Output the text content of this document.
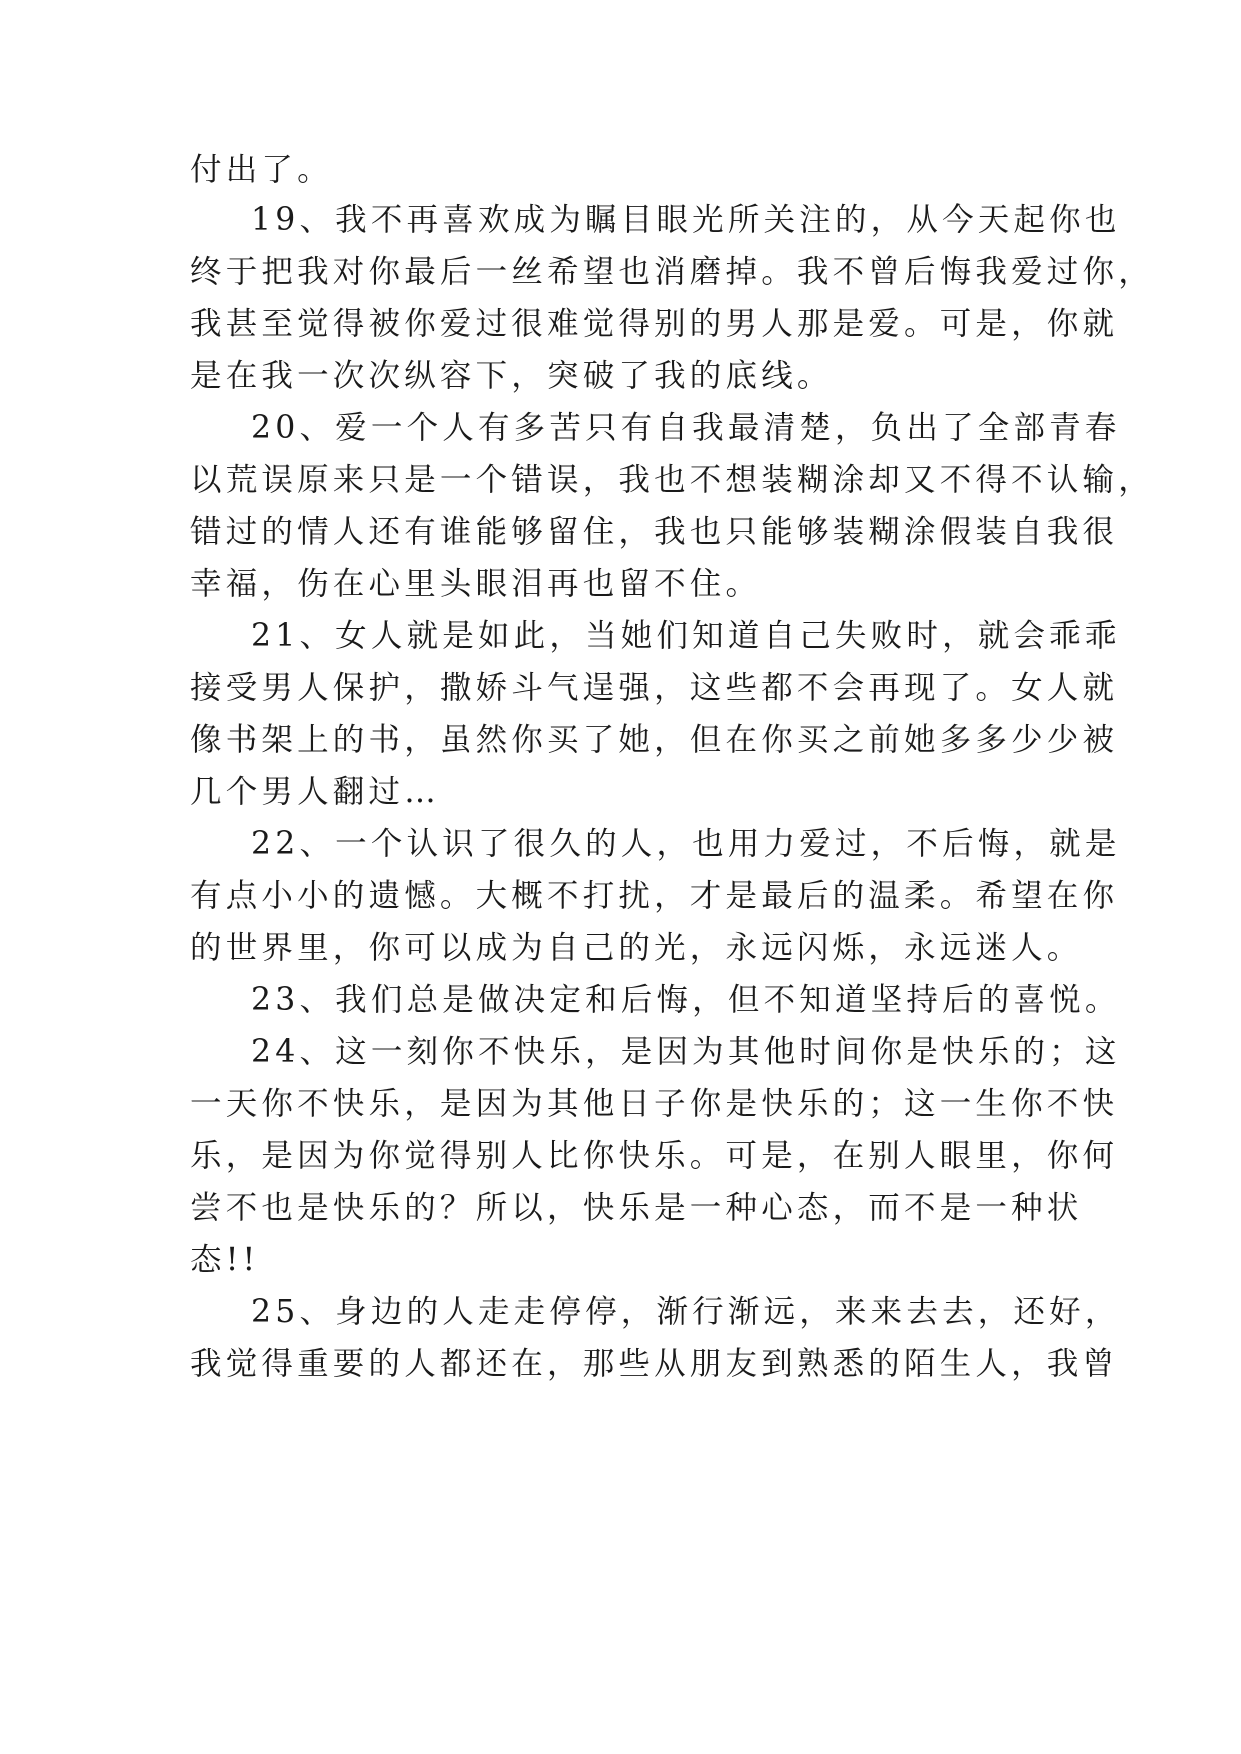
付出了。
19、我不再喜欢成为瞩目眼光所关注的，从今天起你也
终于把我对你最后一丝希望也消磨掉。我不曾后悔我爱过你，
我甚至觉得被你爱过很难觉得别的男人那是爱。可是，你就
是在我一次次纵容下，突破了我的底线。
20、爱一个人有多苦只有自我最清楚，负出了全部青春
以荒误原来只是一个错误，我也不想装糊涂却又不得不认输，
错过的情人还有谁能够留住，我也只能够装糊涂假装自我很
幸福，伤在心里头眼泪再也留不住。
21、女人就是如此，当她们知道自己失败时，就会乖乖
接受男人保护，撒娇斗气逞强，这些都不会再现了。女人就
像书架上的书，虽然你买了她，但在你买之前她多多少少被
几个男人翻过…
22、一个认识了很久的人，也用力爱过，不后悔，就是
有点小小的遗憾。大概不打扰，才是最后的温柔。希望在你
的世界里，你可以成为自己的光，永远闪烁，永远迷人。
23、我们总是做决定和后悔，但不知道坚持后的喜悦。
24、这一刻你不快乐，是因为其他时间你是快乐的；这
一天你不快乐，是因为其他日子你是快乐的；这一生你不快
乐，是因为你觉得别人比你快乐。可是，在别人眼里，你何
尝不也是快乐的？所以，快乐是一种心态，而不是一种状
态!!
25、身边的人走走停停，渐行渐远，来来去去，还好，
我觉得重要的人都还在，那些从朋友到熟悉的陌生人，我曾
